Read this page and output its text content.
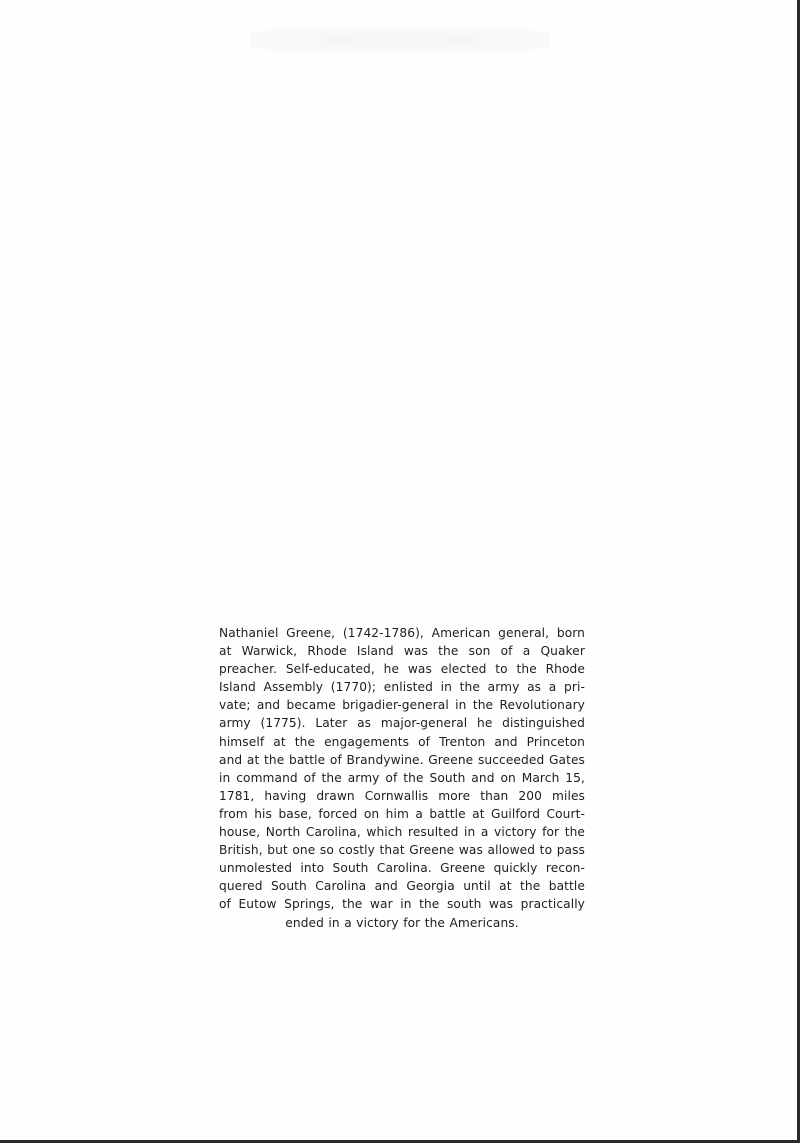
Nathaniel Greene, (1742-1786), American general, born
at Warwick, Rhode Island was the son of a Quaker
preacher. Self-educated, he was elected to the Rhode
Island Assembly (1770); enlisted in the army as a pri-
vate; and became brigadier-general in the Revolutionary
army (1775). Later as major-general he distinguished
himself at the engagements of Trenton and Princeton
and at the battle of Brandywine. Greene succeeded Gates
in command of the army of the South and on March 15,
1781, having drawn Cornwallis more than 200 miles
from his base, forced on him a battle at Guilford Court-
house, North Carolina, which resulted in a victory for the
British, but one so costly that Greene was allowed to pass
unmolested into South Carolina. Greene quickly recon-
quered South Carolina and Georgia until at the battle
of Eutow Springs, the war in the south was practically
ended in a victory for the Americans.
